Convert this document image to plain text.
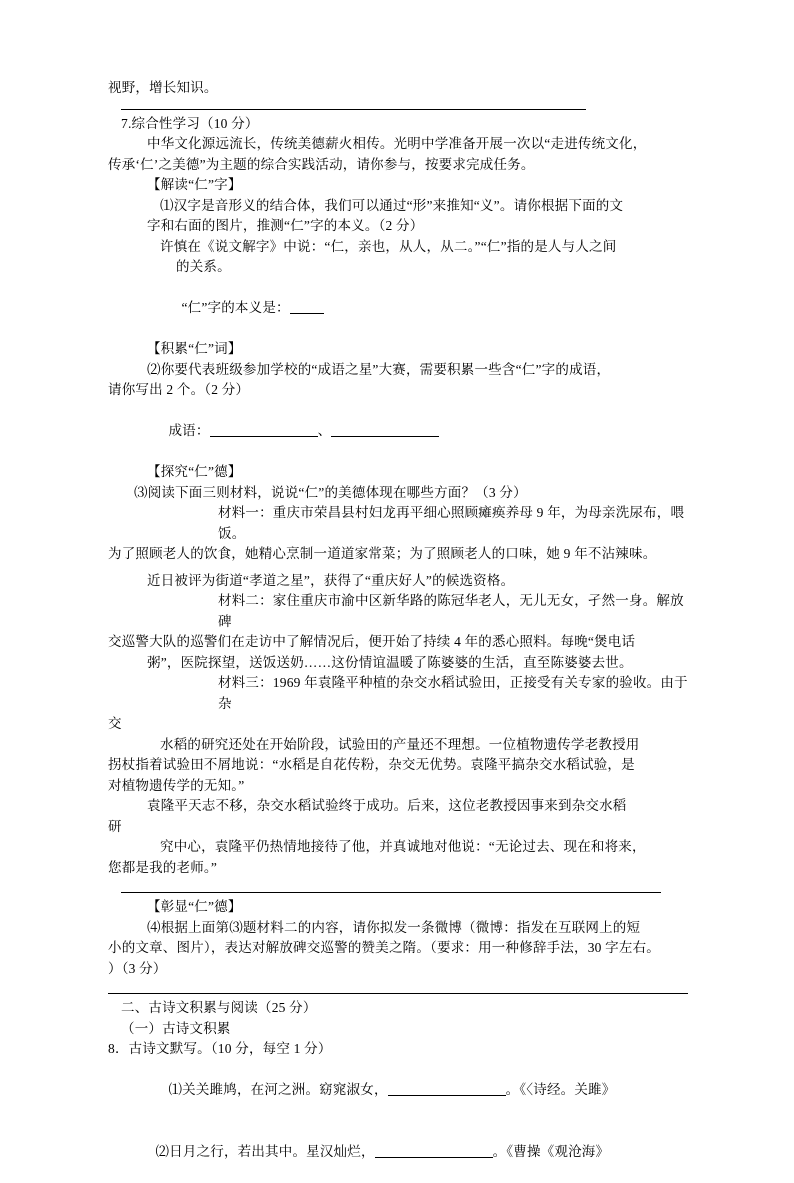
视野，增长知识。
7.综合性学习（10 分）
中华文化源远流长，传统美德薪火相传。光明中学准备开展一次以“走进传统文化，
传承‘仁’之美德”为主题的综合实践活动，请你参与，按要求完成任务。
【解读“仁”字】
⑴汉字是音形义的结合体，我们可以通过“形”来推知“义”。请你根据下面的文
字和右面的图片，推测“仁”字的本义。（2 分）
许慎在《说文解字》中说：“仁，亲也，从人，从二。”“仁”指的是人与人之间
的关系。

“仁”字的本义是：

【积累“仁”词】
⑵你要代表班级参加学校的“成语之星”大赛，需要积累一些含“仁”字的成语，
请你写出 2 个。（2 分）

成语：	、

【探究“仁”德】
⑶阅读下面三则材料，说说“仁”的美德体现在哪些方面？（3 分）
材料一：重庆市荣昌县村妇龙再平细心照顾瘫痪养母 9 年，为母亲洗尿布，喂饭。
为了照顾老人的饮食，她精心烹制一道道家常菜；为了照顾老人的口味，她 9 年不沾辣味。
近日被评为街道“孝道之星”，获得了“重庆好人”的候选资格。
材料二：家住重庆市渝中区新华路的陈冠华老人，无儿无女，孑然一身。解放碑
交巡警大队的巡警们在走访中了解情况后，便开始了持续 4 年的悉心照料。每晚“煲电话
粥”，医院探望，送饭送奶……这份情谊温暖了陈婆婆的生活，直至陈婆婆去世。
材料三：1969 年袁隆平种植的杂交水稻试验田，正接受有关专家的验收。由于杂
交
水稻的研究还处在开始阶段，试验田的产量还不理想。一位植物遗传学老教授用
拐杖指着试验田不屑地说：“水稻是自花传粉，杂交无优势。袁隆平搞杂交水稻试验，是
对植物遗传学的无知。”
袁隆平天志不移，杂交水稻试验终于成功。后来，这位老教授因事来到杂交水稻
研
究中心，袁隆平仍热情地接待了他，并真诚地对他说：“无论过去、现在和将来，
您都是我的老师。”
【彰显“仁”德】
⑷根据上面第⑶题材料二的内容，请你拟发一条微博（微博：指发在互联网上的短
小的文章、图片），表达对解放碑交巡警的赞美之隋。（要求：用一种修辞手法，30 字左右。
）（3 分）
二、古诗文积累与阅读（25 分）
（一）古诗文积累
8．古诗文默写。（10 分，每空 1 分）

⑴关关雎鸠，在河之洲。窈窕淑女，	。《〈诗经。关雎》

⑵日月之行，若出其中。星汉灿烂，	。《曹操《观沧海》
